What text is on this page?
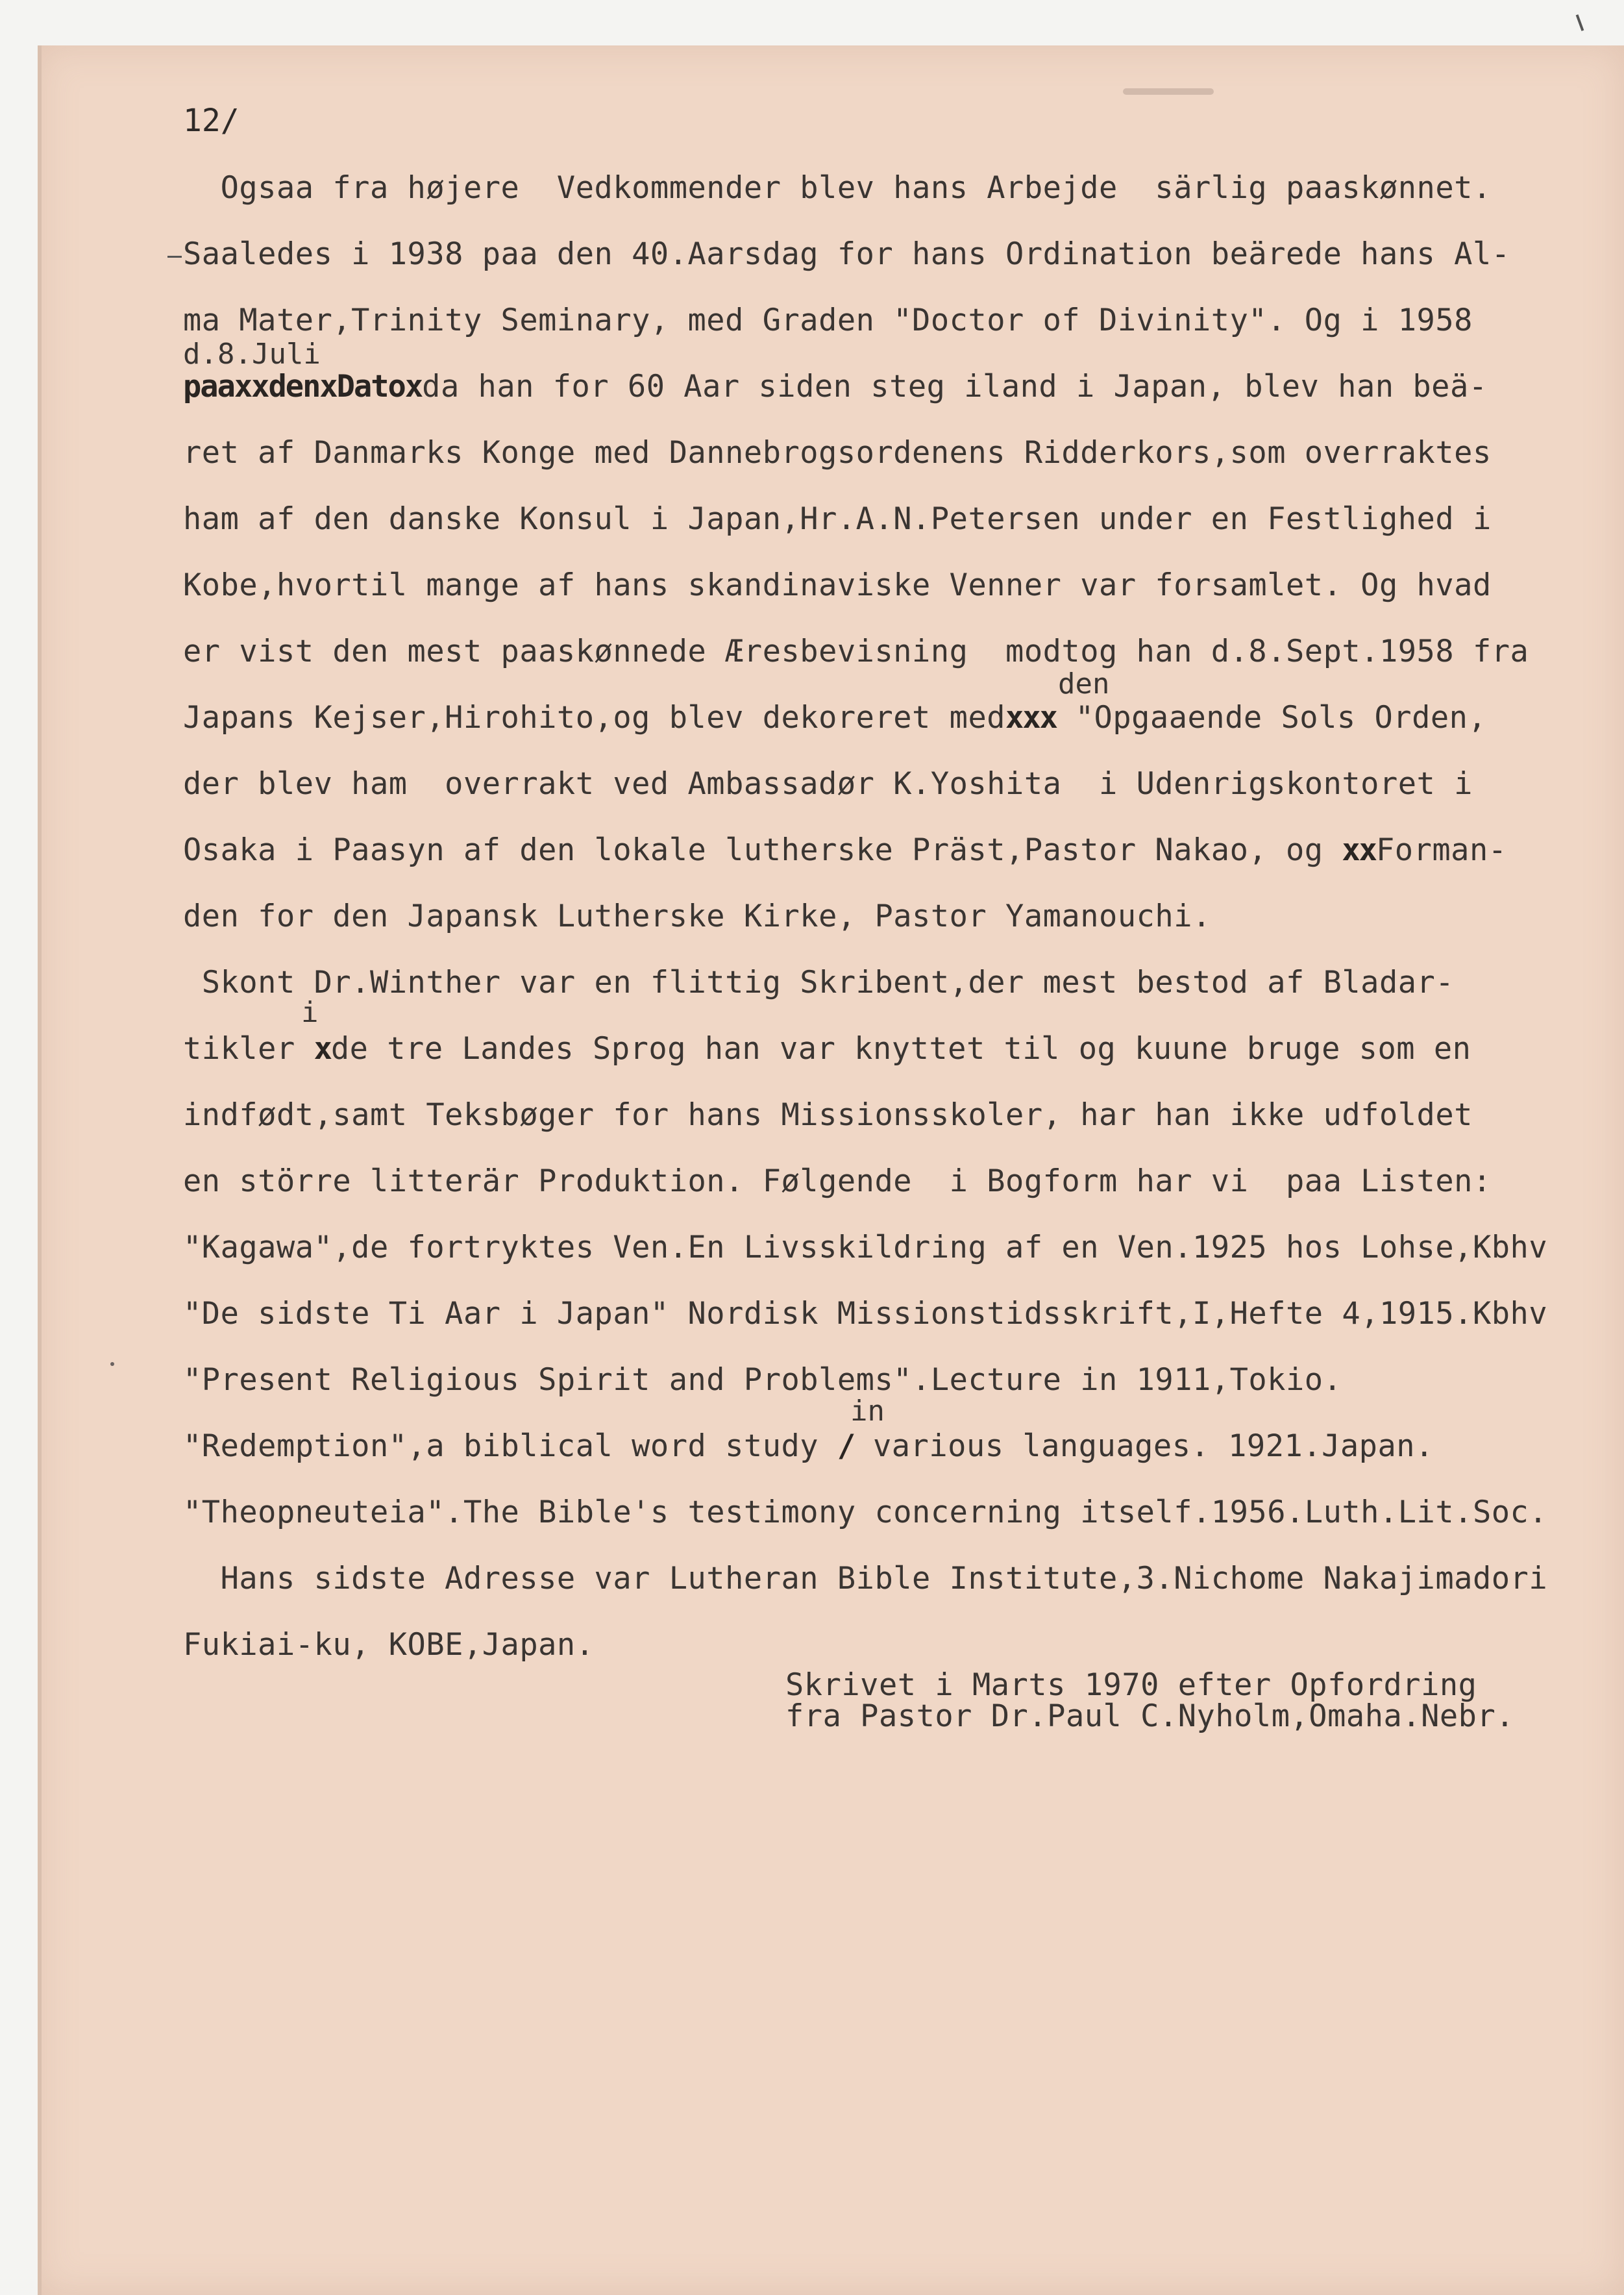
12/
Ogsaa fra højere  Vedkommender blev hans Arbejde  särlig paaskønnet.
Saaledes i 1938 paa den 40.Aarsdag for hans Ordination beärede hans Al-
ma Mater,Trinity Seminary, med Graden "Doctor of Divinity". Og i 1958
d.8.Juli
paaxxdenxDatoxda han for 60 Aar siden steg iland i Japan, blev han beä-
ret af Danmarks Konge med Dannebrogsordenens Ridderkors,som overraktes
ham af den danske Konsul i Japan,Hr.A.N.Petersen under en Festlighed i
Kobe,hvortil mange af hans skandinaviske Venner var forsamlet. Og hvad
er vist den mest paaskønnede Æresbevisning  modtog han d.8.Sept.1958 fra
den
Japans Kejser,Hirohito,og blev dekoreret medxxx "Opgaaende Sols Orden,
der blev ham  overrakt ved Ambassadør K.Yoshita  i Udenrigskontoret i
Osaka i Paasyn af den lokale lutherske Präst,Pastor Nakao, og xxForman-
den for den Japansk Lutherske Kirke, Pastor Yamanouchi.
Skont Dr.Winther var en flittig Skribent,der mest bestod af Bladar-
i
tikler xde tre Landes Sprog han var knyttet til og kuune bruge som en
indfødt,samt Teksbøger for hans Missionsskoler, har han ikke udfoldet
en större litterär Produktion. Følgende  i Bogform har vi  paa Listen:
"Kagawa",de fortryktes Ven.En Livsskildring af en Ven.1925 hos Lohse,Kbhv
"De sidste Ti Aar i Japan" Nordisk Missionstidsskrift,I,Hefte 4,1915.Kbhv
"Present Religious Spirit and Problems".Lecture in 1911,Tokio.
in
"Redemption",a biblical word study / various languages. 1921.Japan.
"Theopneuteia".The Bible's testimony concerning itself.1956.Luth.Lit.Soc.
Hans sidste Adresse var Lutheran Bible Institute,3.Nichome Nakajimadori
Fukiai-ku, KOBE,Japan.
Skrivet i Marts 1970 efter Opfordring
fra Pastor Dr.Paul C.Nyholm,Omaha.Nebr.
